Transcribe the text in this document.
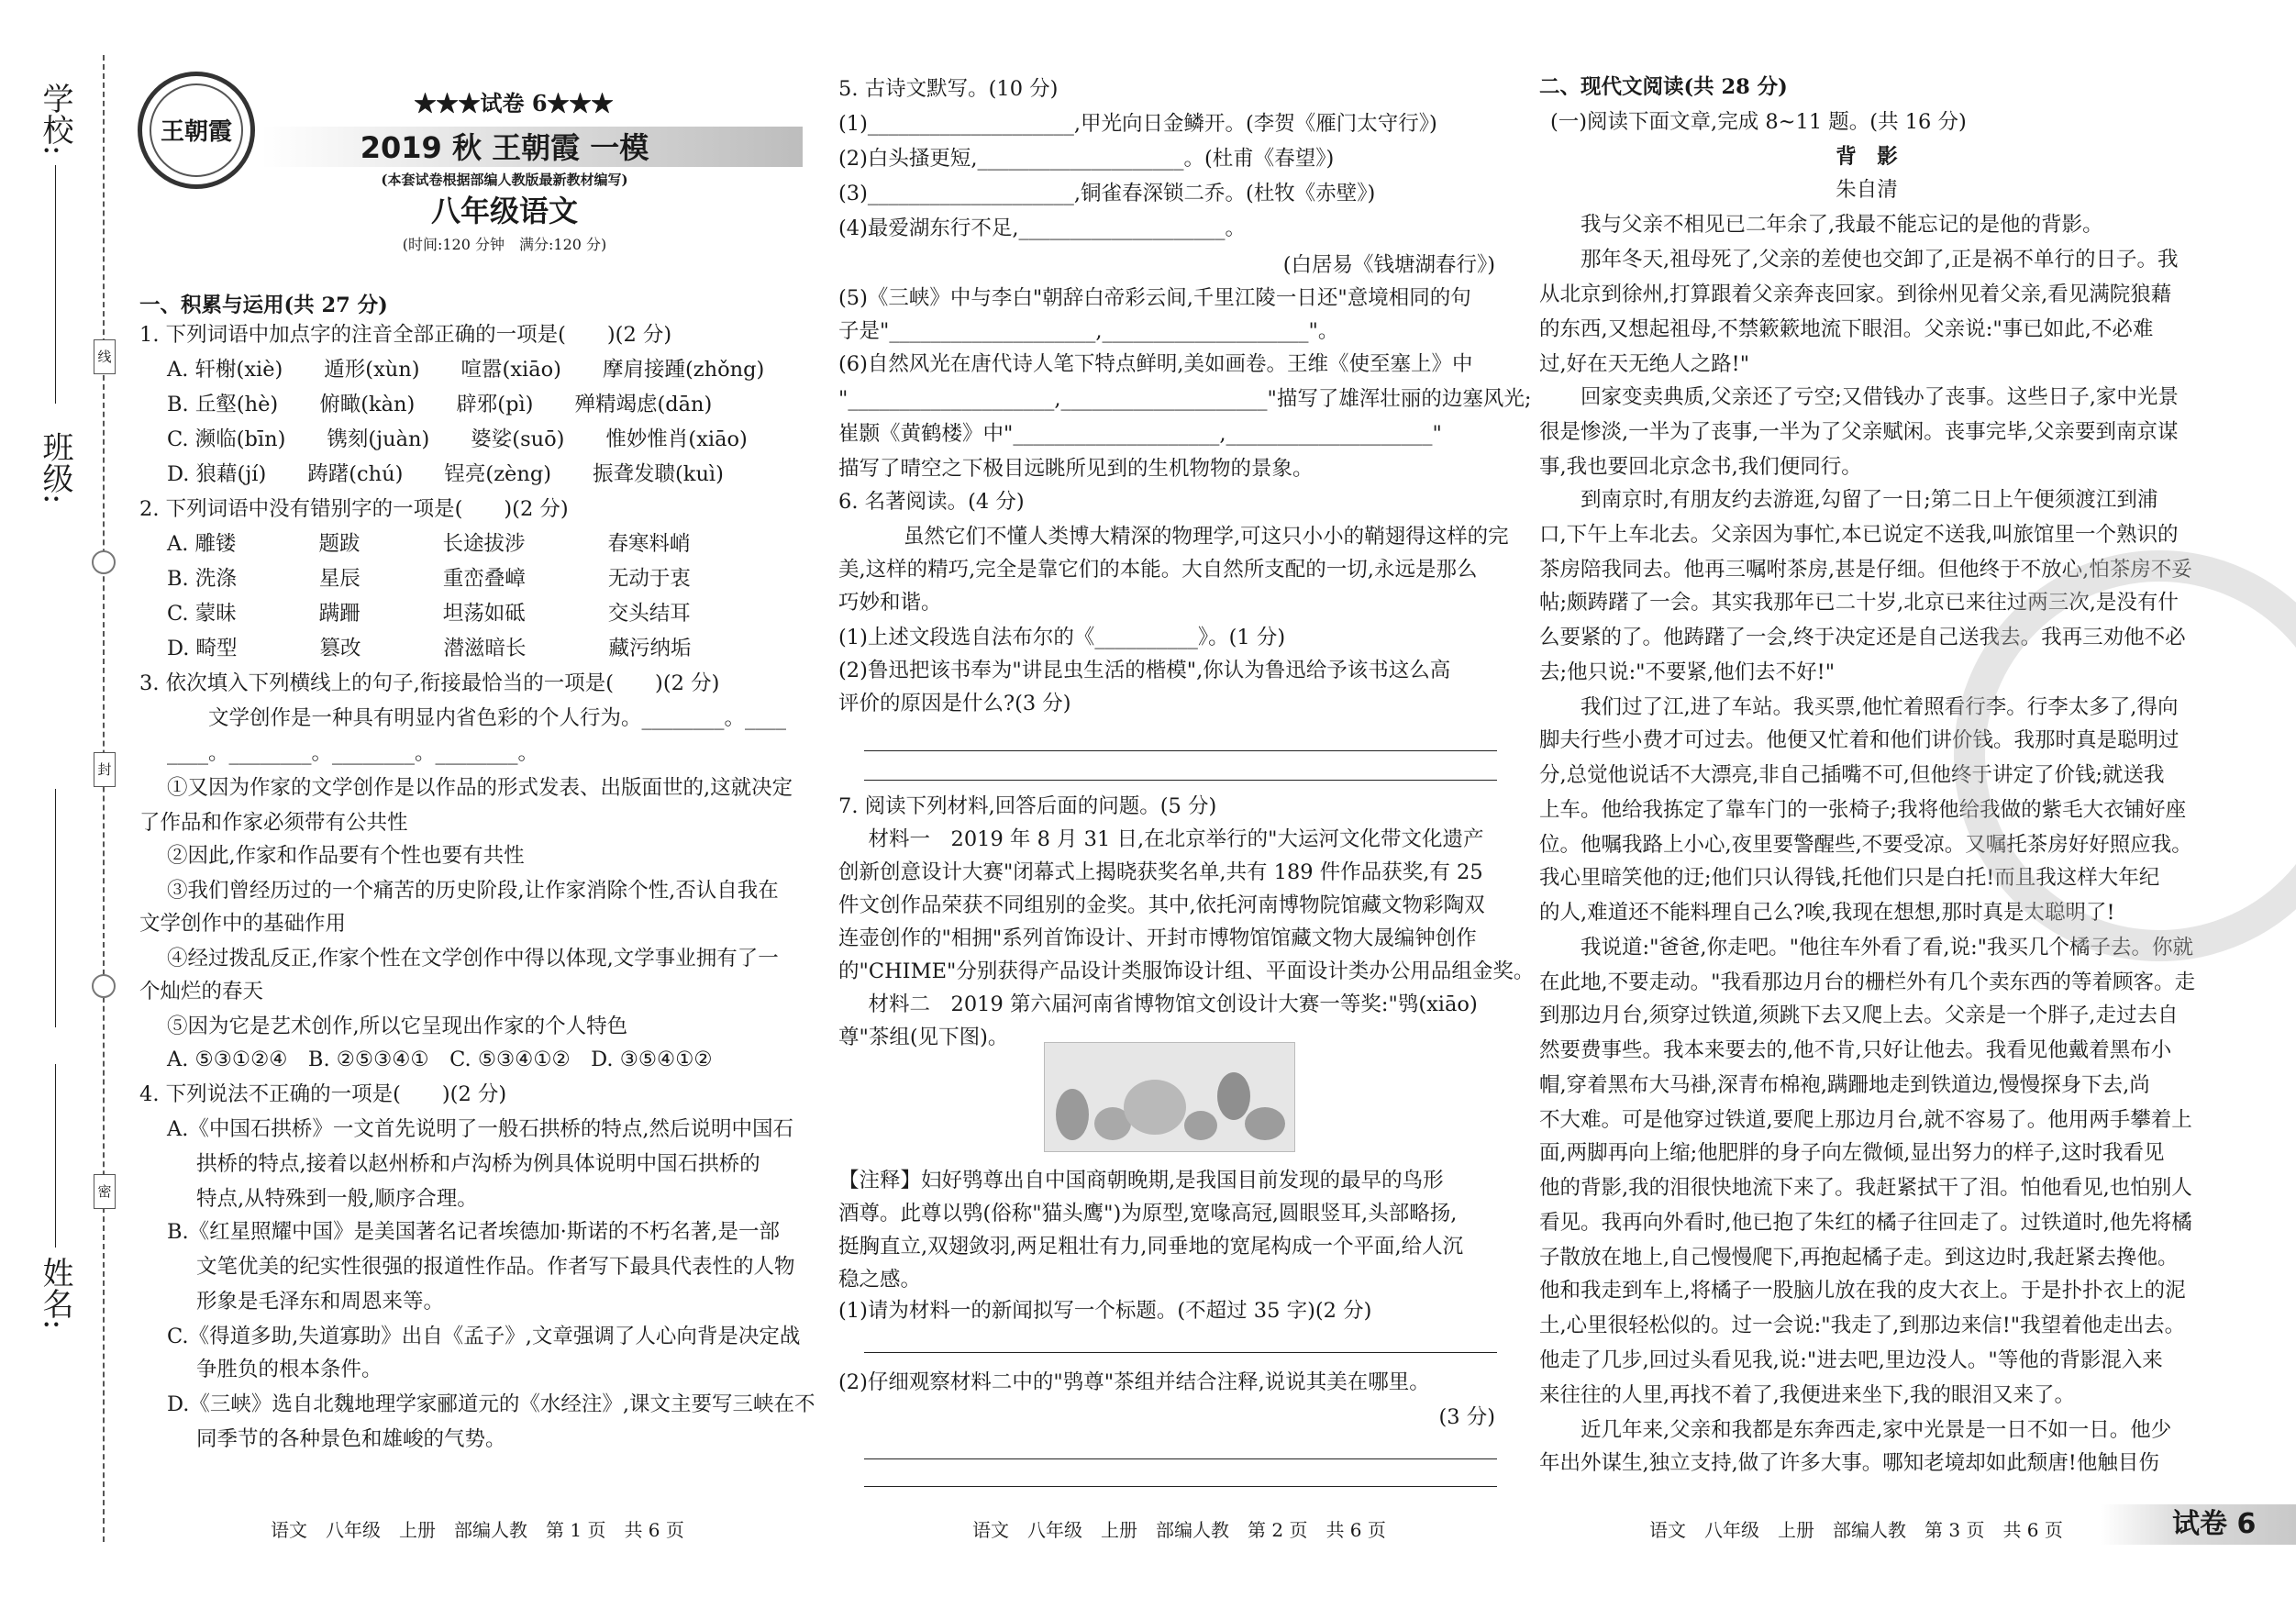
学校:
班级:
姓名:
线
封
密
王朝霞
★★★试卷 6★★★
2019 秋 王朝霞 一模
(本套试卷根据部编人教版最新教材编写)
八年级语文
(时间:120 分钟　满分:120 分)
一、积累与运用(共 27 分)
1. 下列词语中加点字的注音全部正确的一项是(　　)(2 分)
A. 轩榭(xiè)　　遁形(xùn)　　喧嚣(xiāo)　　摩肩接踵(zhǒng)
B. 丘壑(hè)　　俯瞰(kàn)　　辟邪(pì)　　殚精竭虑(dān)
C. 濒临(bīn)　　镌刻(juàn)　　婆娑(suō)　　惟妙惟肖(xiāo)
D. 狼藉(jí)　　踌躇(chú)　　锃亮(zèng)　　振聋发聩(kuì)
2. 下列词语中没有错别字的一项是(　　)(2 分)
A. 雕镂　　　　题跋　　　　长途拔涉　　　　春寒料峭
B. 洗涤　　　　星辰　　　　重峦叠嶂　　　　无动于衷
C. 蒙昧　　　　蹒跚　　　　坦荡如砥　　　　交头结耳
D. 畸型　　　　篡改　　　　潜滋暗长　　　　藏污纳垢
3. 依次填入下列横线上的句子,衔接最恰当的一项是(　　)(2 分)
　　文学创作是一种具有明显内省色彩的个人行为。________。____
____。________。________。________。
①又因为作家的文学创作是以作品的形式发表、出版面世的,这就决定
了作品和作家必须带有公共性
②因此,作家和作品要有个性也要有共性
③我们曾经历过的一个痛苦的历史阶段,让作家消除个性,否认自我在
文学创作中的基础作用
④经过拨乱反正,作家个性在文学创作中得以体现,文学事业拥有了一
个灿烂的春天
⑤因为它是艺术创作,所以它呈现出作家的个人特色
A. ⑤③①②④　B. ②⑤③④①　C. ⑤③④①②　D. ③⑤④①②
4. 下列说法不正确的一项是(　　)(2 分)
A.《中国石拱桥》一文首先说明了一般石拱桥的特点,然后说明中国石
拱桥的特点,接着以赵州桥和卢沟桥为例具体说明中国石拱桥的
特点,从特殊到一般,顺序合理。
B.《红星照耀中国》是美国著名记者埃德加·斯诺的不朽名著,是一部
文笔优美的纪实性很强的报道性作品。作者写下最具代表性的人物
形象是毛泽东和周恩来等。
C.《得道多助,失道寡助》出自《孟子》,文章强调了人心向背是决定战
争胜负的根本条件。
D.《三峡》选自北魏地理学家郦道元的《水经注》,课文主要写三峡在不
同季节的各种景色和雄峻的气势。
5. 古诗文默写。(10 分)
(1)____________________,甲光向日金鳞开。(李贺《雁门太守行》)
(2)白头搔更短,____________________。(杜甫《春望》)
(3)____________________,铜雀春深锁二乔。(杜牧《赤壁》)
(4)最爱湖东行不足,____________________。
(白居易《钱塘湖春行》)
(5)《三峡》中与李白"朝辞白帝彩云间,千里江陵一日还"意境相同的句
子是"____________________,____________________"。
(6)自然风光在唐代诗人笔下特点鲜明,美如画卷。王维《使至塞上》中
"____________________,____________________"描写了雄浑壮丽的边塞风光;
崔颢《黄鹤楼》中"____________________,____________________"
描写了晴空之下极目远眺所见到的生机物物的景象。
6. 名著阅读。(4 分)
　　虽然它们不懂人类博大精深的物理学,可这只小小的鞘翅得这样的完
美,这样的精巧,完全是靠它们的本能。大自然所支配的一切,永远是那么
巧妙和谐。
(1)上述文段选自法布尔的《__________》。(1 分)
(2)鲁迅把该书奉为"讲昆虫生活的楷模",你认为鲁迅给予该书这么高
评价的原因是什么?(3 分)
7. 阅读下列材料,回答后面的问题。(5 分)
　材料一　2019 年 8 月 31 日,在北京举行的"大运河文化带文化遗产
创新创意设计大赛"闭幕式上揭晓获奖名单,共有 189 件作品获奖,有 25
件文创作品荣获不同组别的金奖。其中,依托河南博物院馆藏文物彩陶双
连壶创作的"相拥"系列首饰设计、开封市博物馆馆藏文物大晟编钟创作
的"CHIME"分别获得产品设计类服饰设计组、平面设计类办公用品组金奖。
　材料二　2019 第六届河南省博物馆文创设计大赛一等奖:"鸮(xiāo)
尊"茶组(见下图)。
【注释】妇好鸮尊出自中国商朝晚期,是我国目前发现的最早的鸟形
酒尊。此尊以鸮(俗称"猫头鹰")为原型,宽喙高冠,圆眼竖耳,头部略扬,
挺胸直立,双翅敛羽,两足粗壮有力,同垂地的宽尾构成一个平面,给人沉
稳之感。
(1)请为材料一的新闻拟写一个标题。(不超过 35 字)(2 分)
(2)仔细观察材料二中的"鸮尊"茶组并结合注释,说说其美在哪里。
(3 分)
二、现代文阅读(共 28 分)
(一)阅读下面文章,完成 8~11 题。(共 16 分)
背　影
朱自清
　　我与父亲不相见已二年余了,我最不能忘记的是他的背影。
　　那年冬天,祖母死了,父亲的差使也交卸了,正是祸不单行的日子。我
从北京到徐州,打算跟着父亲奔丧回家。到徐州见着父亲,看见满院狼藉
的东西,又想起祖母,不禁簌簌地流下眼泪。父亲说:"事已如此,不必难
过,好在天无绝人之路!"
　　回家变卖典质,父亲还了亏空;又借钱办了丧事。这些日子,家中光景
很是惨淡,一半为了丧事,一半为了父亲赋闲。丧事完毕,父亲要到南京谋
事,我也要回北京念书,我们便同行。
　　到南京时,有朋友约去游逛,勾留了一日;第二日上午便须渡江到浦
口,下午上车北去。父亲因为事忙,本已说定不送我,叫旅馆里一个熟识的
茶房陪我同去。他再三嘱咐茶房,甚是仔细。但他终于不放心,怕茶房不妥
帖;颇踌躇了一会。其实我那年已二十岁,北京已来往过两三次,是没有什
么要紧的了。他踌躇了一会,终于决定还是自己送我去。我再三劝他不必
去;他只说:"不要紧,他们去不好!"
　　我们过了江,进了车站。我买票,他忙着照看行李。行李太多了,得向
脚夫行些小费才可过去。他便又忙着和他们讲价钱。我那时真是聪明过
分,总觉他说话不大漂亮,非自己插嘴不可,但他终于讲定了价钱;就送我
上车。他给我拣定了靠车门的一张椅子;我将他给我做的紫毛大衣铺好座
位。他嘱我路上小心,夜里要警醒些,不要受凉。又嘱托茶房好好照应我。
我心里暗笑他的迂;他们只认得钱,托他们只是白托!而且我这样大年纪
的人,难道还不能料理自己么?唉,我现在想想,那时真是太聪明了!
　　我说道:"爸爸,你走吧。"他往车外看了看,说:"我买几个橘子去。你就
在此地,不要走动。"我看那边月台的栅栏外有几个卖东西的等着顾客。走
到那边月台,须穿过铁道,须跳下去又爬上去。父亲是一个胖子,走过去自
然要费事些。我本来要去的,他不肯,只好让他去。我看见他戴着黑布小
帽,穿着黑布大马褂,深青布棉袍,蹒跚地走到铁道边,慢慢探身下去,尚
不大难。可是他穿过铁道,要爬上那边月台,就不容易了。他用两手攀着上
面,两脚再向上缩;他肥胖的身子向左微倾,显出努力的样子,这时我看见
他的背影,我的泪很快地流下来了。我赶紧拭干了泪。怕他看见,也怕别人
看见。我再向外看时,他已抱了朱红的橘子往回走了。过铁道时,他先将橘
子散放在地上,自己慢慢爬下,再抱起橘子走。到这边时,我赶紧去搀他。
他和我走到车上,将橘子一股脑儿放在我的皮大衣上。于是扑扑衣上的泥
土,心里很轻松似的。过一会说:"我走了,到那边来信!"我望着他走出去。
他走了几步,回过头看见我,说:"进去吧,里边没人。"等他的背影混入来
来往往的人里,再找不着了,我便进来坐下,我的眼泪又来了。
　　近几年来,父亲和我都是东奔西走,家中光景是一日不如一日。他少
年出外谋生,独立支持,做了许多大事。哪知老境却如此颓唐!他触目伤
语文　八年级　上册　部编人教　第 1 页　共 6 页	语文　八年级　上册　部编人教　第 2 页　共 6 页	语文　八年级　上册　部编人教　第 3 页　共 6 页	试卷 6
